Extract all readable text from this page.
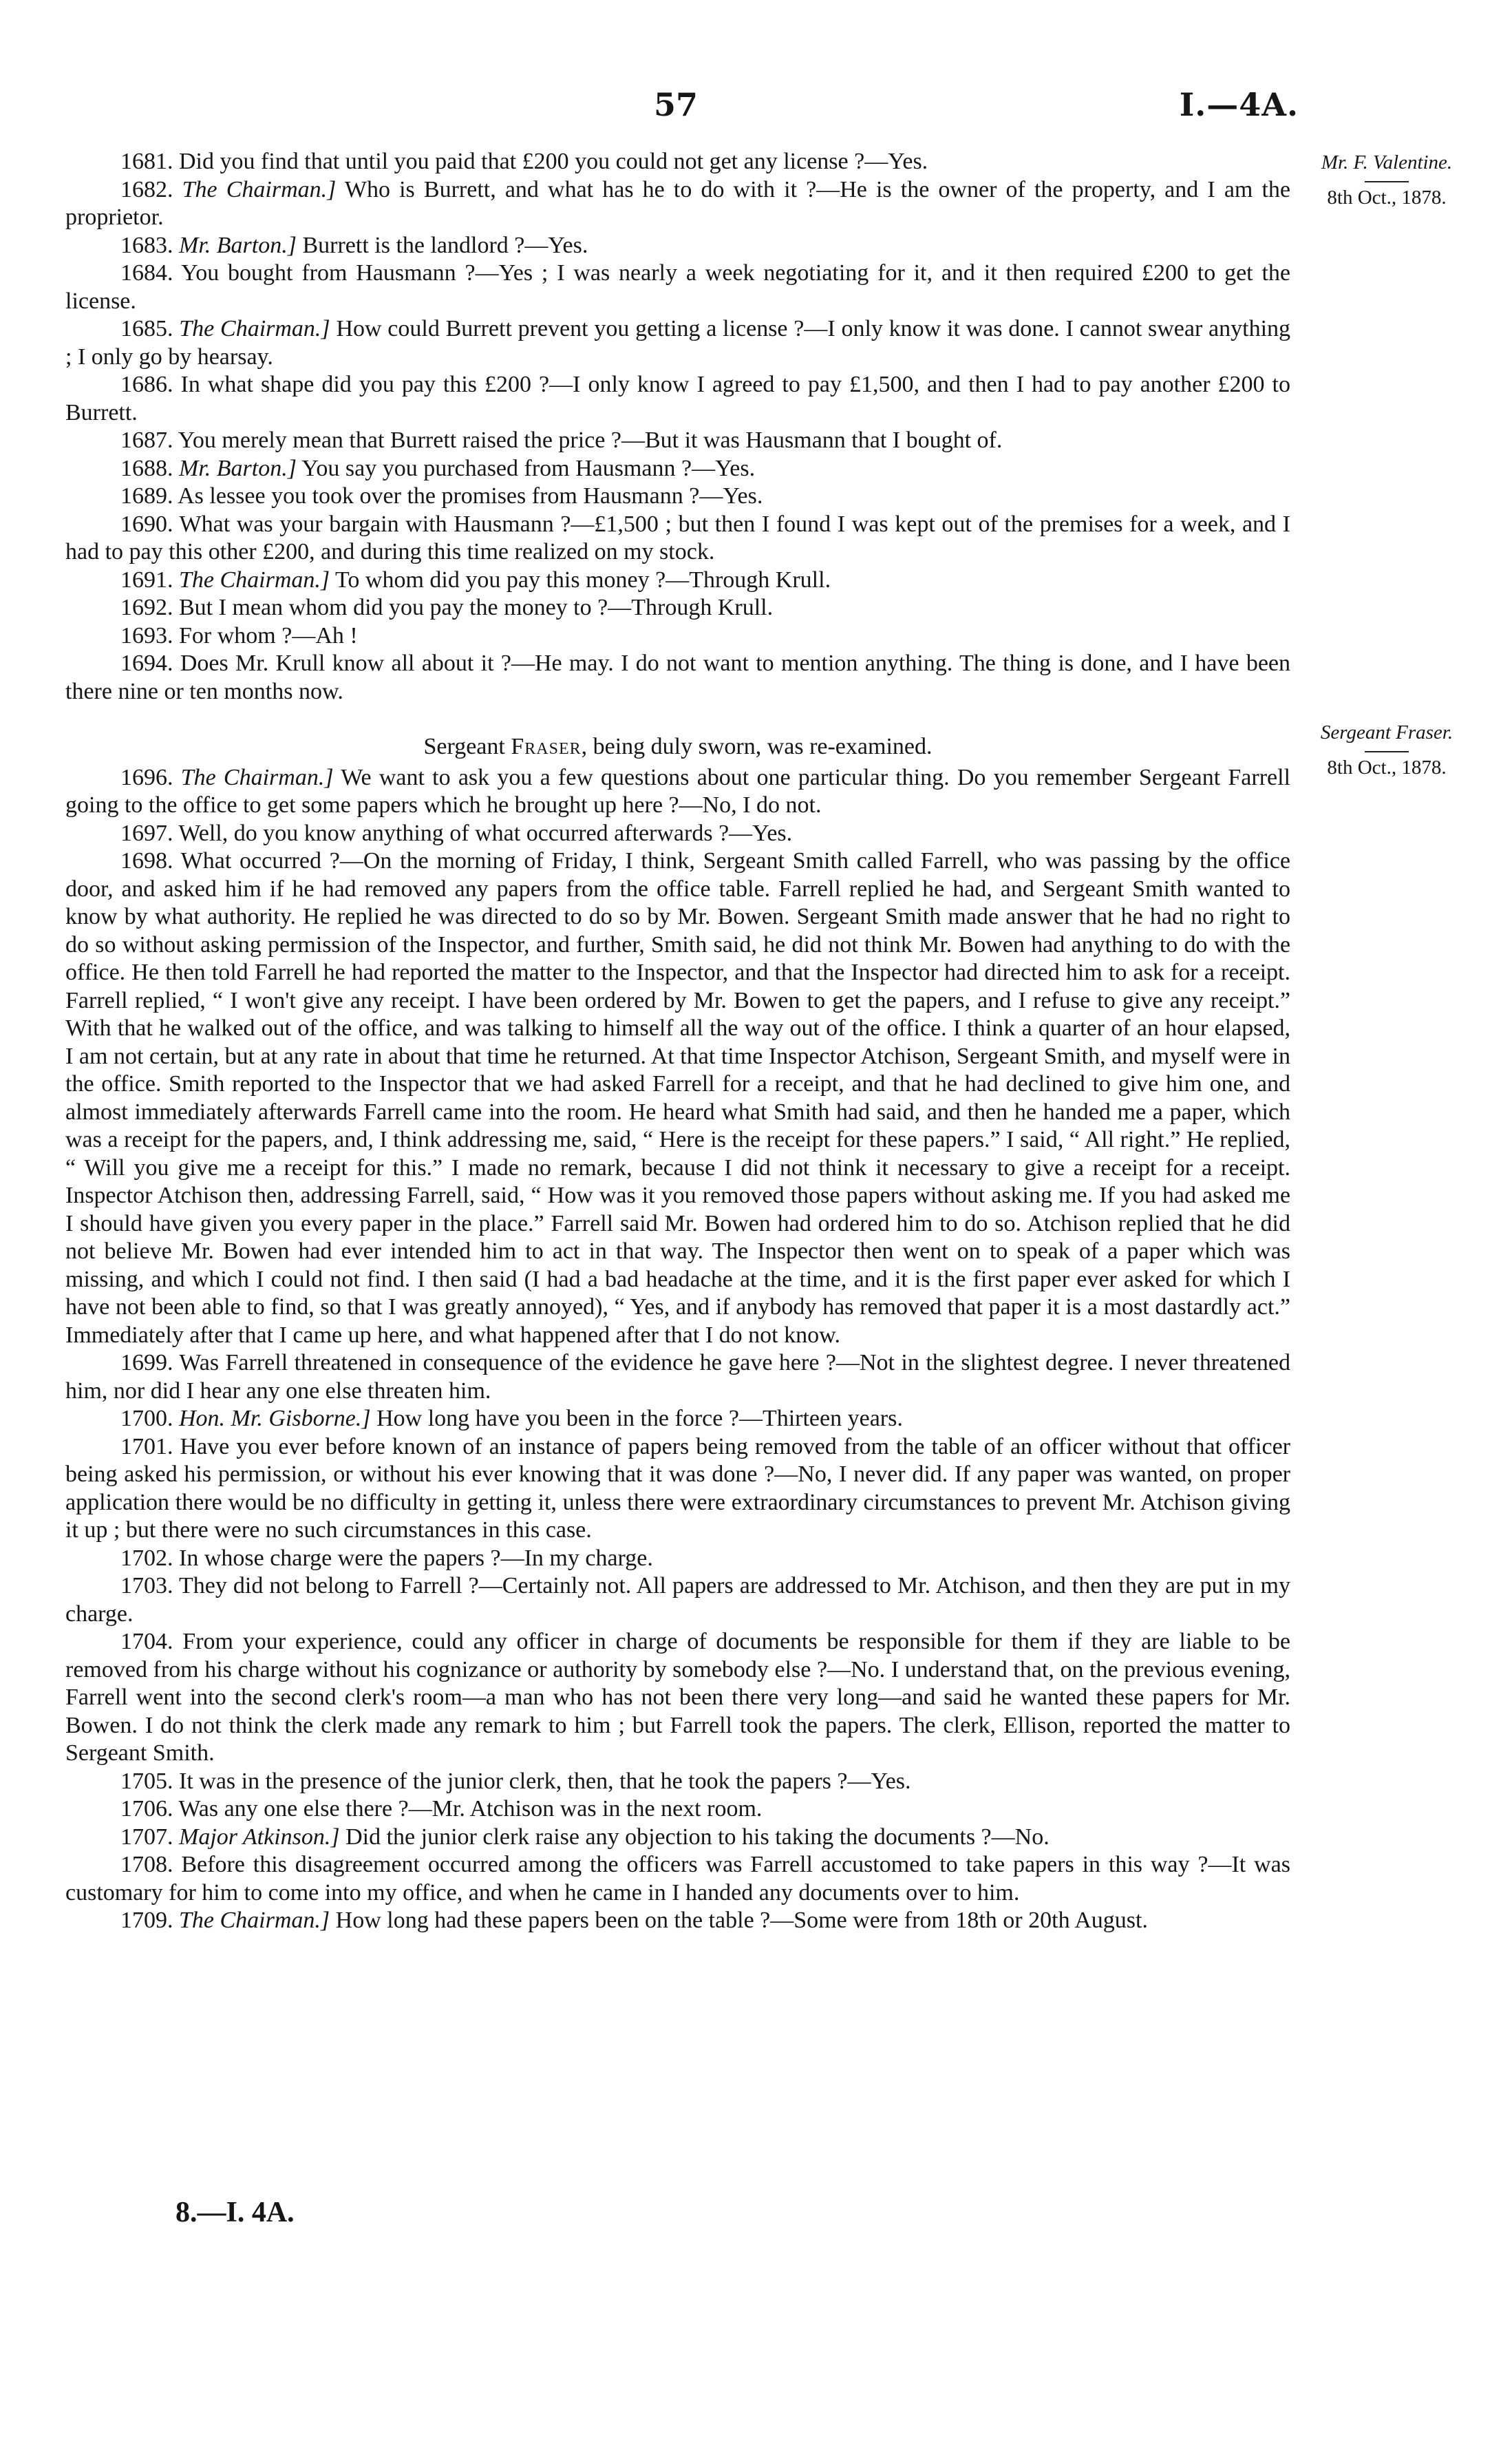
57	I.—4A.
Mr. F. Valentine.
8th Oct., 1878.
Sergeant Fraser.
8th Oct., 1878.

1681. Did you find that until you paid that £200 you could not get any license ?—Yes.

1682. The Chairman.] Who is Burrett, and what has he to do with it ?—He is the owner of the property, and I am the proprietor.

1683. Mr. Barton.] Burrett is the landlord ?—Yes.

1684. You bought from Hausmann ?—Yes ; I was nearly a week negotiating for it, and it then required £200 to get the license.

1685. The Chairman.] How could Burrett prevent you getting a license ?—I only know it was done. I cannot swear anything ; I only go by hearsay.

1686. In what shape did you pay this £200 ?—I only know I agreed to pay £1,500, and then I had to pay another £200 to Burrett.

1687. You merely mean that Burrett raised the price ?—But it was Hausmann that I bought of.

1688. Mr. Barton.] You say you purchased from Hausmann ?—Yes.

1689. As lessee you took over the promises from Hausmann ?—Yes.

1690. What was your bargain with Hausmann ?—£1,500 ; but then I found I was kept out of the premises for a week, and I had to pay this other £200, and during this time realized on my stock.

1691. The Chairman.] To whom did you pay this money ?—Through Krull.

1692. But I mean whom did you pay the money to ?—Through Krull.

1693. For whom ?—Ah !

1694. Does Mr. Krull know all about it ?—He may. I do not want to mention anything. The thing is done, and I have been there nine or ten months now.

Sergeant Fraser, being duly sworn, was re-examined.

1696. The Chairman.] We want to ask you a few questions about one particular thing. Do you remember Sergeant Farrell going to the office to get some papers which he brought up here ?—No, I do not.

1697. Well, do you know anything of what occurred afterwards ?—Yes.

1698. What occurred ?—On the morning of Friday, I think, Sergeant Smith called Farrell, who was passing by the office door, and asked him if he had removed any papers from the office table. Farrell replied he had, and Sergeant Smith wanted to know by what authority. He replied he was directed to do so by Mr. Bowen. Sergeant Smith made answer that he had no right to do so without asking permission of the Inspector, and further, Smith said, he did not think Mr. Bowen had anything to do with the office. He then told Farrell he had reported the matter to the Inspector, and that the Inspector had directed him to ask for a receipt. Farrell replied, “ I won't give any receipt. I have been ordered by Mr. Bowen to get the papers, and I refuse to give any receipt.” With that he walked out of the office, and was talking to himself all the way out of the office. I think a quarter of an hour elapsed, I am not certain, but at any rate in about that time he returned. At that time Inspector Atchison, Sergeant Smith, and myself were in the office. Smith reported to the Inspector that we had asked Farrell for a receipt, and that he had declined to give him one, and almost immediately afterwards Farrell came into the room. He heard what Smith had said, and then he handed me a paper, which was a receipt for the papers, and, I think addressing me, said, “ Here is the receipt for these papers.” I said, “ All right.” He replied, “ Will you give me a receipt for this.” I made no remark, because I did not think it necessary to give a receipt for a receipt. Inspector Atchison then, addressing Farrell, said, “ How was it you removed those papers without asking me. If you had asked me I should have given you every paper in the place.” Farrell said Mr. Bowen had ordered him to do so. Atchison replied that he did not believe Mr. Bowen had ever intended him to act in that way. The Inspector then went on to speak of a paper which was missing, and which I could not find. I then said (I had a bad headache at the time, and it is the first paper ever asked for which I have not been able to find, so that I was greatly annoyed), “ Yes, and if anybody has removed that paper it is a most dastardly act.” Immediately after that I came up here, and what happened after that I do not know.

1699. Was Farrell threatened in consequence of the evidence he gave here ?—Not in the slightest degree. I never threatened him, nor did I hear any one else threaten him.

1700. Hon. Mr. Gisborne.] How long have you been in the force ?—Thirteen years.

1701. Have you ever before known of an instance of papers being removed from the table of an officer without that officer being asked his permission, or without his ever knowing that it was done ?—No, I never did. If any paper was wanted, on proper application there would be no difficulty in getting it, unless there were extraordinary circumstances to prevent Mr. Atchison giving it up ; but there were no such circumstances in this case.

1702. In whose charge were the papers ?—In my charge.

1703. They did not belong to Farrell ?—Certainly not. All papers are addressed to Mr. Atchison, and then they are put in my charge.

1704. From your experience, could any officer in charge of documents be responsible for them if they are liable to be removed from his charge without his cognizance or authority by somebody else ?—No. I understand that, on the previous evening, Farrell went into the second clerk's room—a man who has not been there very long—and said he wanted these papers for Mr. Bowen. I do not think the clerk made any remark to him ; but Farrell took the papers. The clerk, Ellison, reported the matter to Sergeant Smith.

1705. It was in the presence of the junior clerk, then, that he took the papers ?—Yes.

1706. Was any one else there ?—Mr. Atchison was in the next room.

1707. Major Atkinson.] Did the junior clerk raise any objection to his taking the documents ?—No.

1708. Before this disagreement occurred among the officers was Farrell accustomed to take papers in this way ?—It was customary for him to come into my office, and when he came in I handed any documents over to him.

1709. The Chairman.] How long had these papers been on the table ?—Some were from 18th or 20th August.

8.—I. 4A.
